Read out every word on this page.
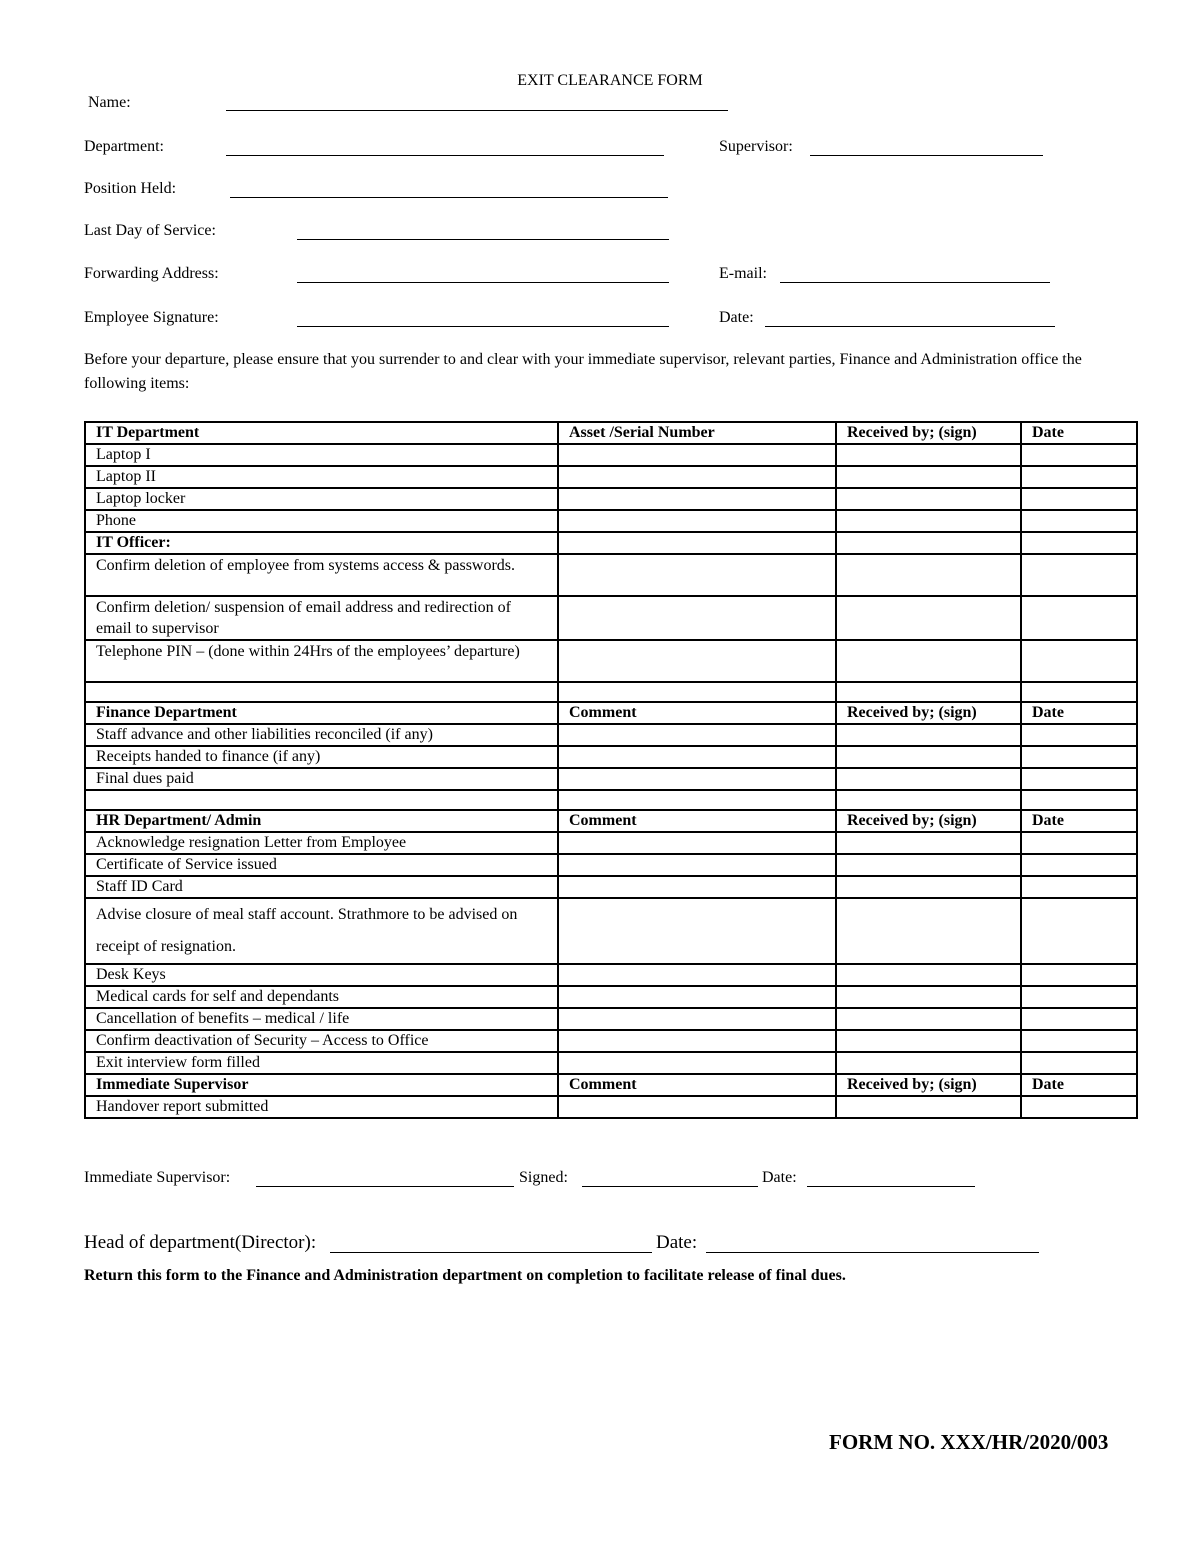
EXIT CLEARANCE FORM
Name:
Department:	Supervisor:
Position Held:
Last Day of Service:
Forwarding Address:	E-mail:
Employee Signature:	Date:
Before your departure, please ensure that you surrender to and clear with your immediate supervisor, relevant parties, Finance and Administration office the following items:
IT Department	Asset /Serial Number	Received by; (sign)	Date
Laptop I			
Laptop II			
Laptop locker			
Phone			
IT Officer:			
Confirm deletion of employee from systems access & passwords.			
Confirm deletion/ suspension of email address and redirection of email to supervisor			
Telephone PIN – (done within 24Hrs of the employees’ departure)			

Finance Department	Comment	Received by; (sign)	Date
Staff advance and other liabilities reconciled (if any)			
Receipts handed to finance (if any)			
Final dues paid			

HR Department/ Admin	Comment	Received by; (sign)	Date
Acknowledge resignation Letter from Employee			
Certificate of Service issued			
Staff ID Card			
Advise closure of meal staff account. Strathmore to be advised on receipt of resignation.			
Desk Keys			
Medical cards for self and dependants			
Cancellation of benefits – medical / life			
Confirm deactivation of Security – Access to Office			
Exit interview form filled			
Immediate Supervisor	Comment	Received by; (sign)	Date
Handover report submitted			
Immediate Supervisor:	Signed:	Date:
Head of department(Director):	Date:
Return this form to the Finance and Administration department on completion to facilitate release of final dues.
FORM NO. XXX/HR/2020/003
